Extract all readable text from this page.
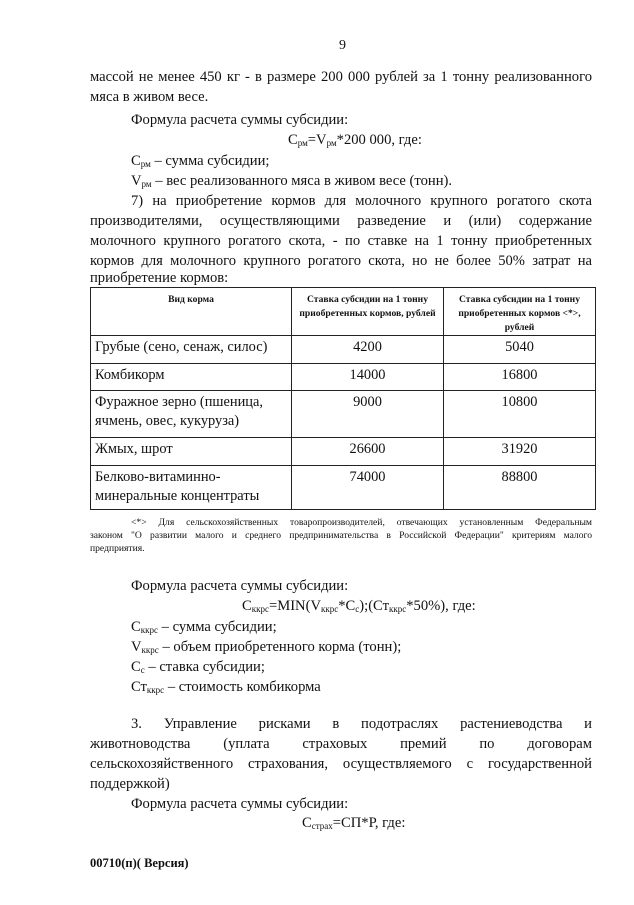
9
массой не менее 450 кг - в размере 200 000 рублей за 1 тонну реализованного
мяса в живом весе.
Формула расчета суммы субсидии:
$С_{рм}=V_{рм}*200$ 000, где:
$С_{рм}$ – сумма субсидии;
$V_{рм}$ – вес реализованного мяса в живом весе (тонн).
7) на приобретение кормов для молочного крупного рогатого скота
производителями, осуществляющими разведение и (или) содержание
молочного крупного рогатого скота, - по ставке на 1 тонну приобретенных
кормов для молочного крупного рогатого скота, но не более 50% затрат на
приобретение кормов:
Вид корма	Ставка субсидии на 1 тонну приобретенных кормов, рублей	Ставка субсидии на 1 тонну приобретенных кормов <*>, рублей
Грубые (сено, сенаж, силос)	4200	5040
Комбикорм	14000	16800
Фуражное зерно (пшеница, ячмень, овес, кукуруза)	9000	10800
Жмых, шрот	26600	31920
Белково-витаминно-минеральные концентраты	74000	88800
<*> Для сельскохозяйственных товаропроизводителей, отвечающих установленным Федеральным
законом "О развитии малого и среднего предпринимательства в Российской Федерации" критериям малого
предприятия.
Формула расчета суммы субсидии:
$С_{ккрс}=MIN(V_{ккрс}*С_с);(Ст_{ккрс}*50\%)$, где:
$С_{ккрс}$ – сумма субсидии;
$V_{ккрс}$ – объем приобретенного корма (тонн);
$С_с$ – ставка субсидии;
$Ст_{ккрс}$ – стоимость комбикорма
3. Управление рисками в подотраслях растениеводства и
животноводства (уплата страховых премий по договорам
сельскохозяйственного страхования, осуществляемого с государственной
поддержкой)
Формула расчета суммы субсидии:
$С_{страх}=СП*Р$, где:
00710(п)( Версия)
